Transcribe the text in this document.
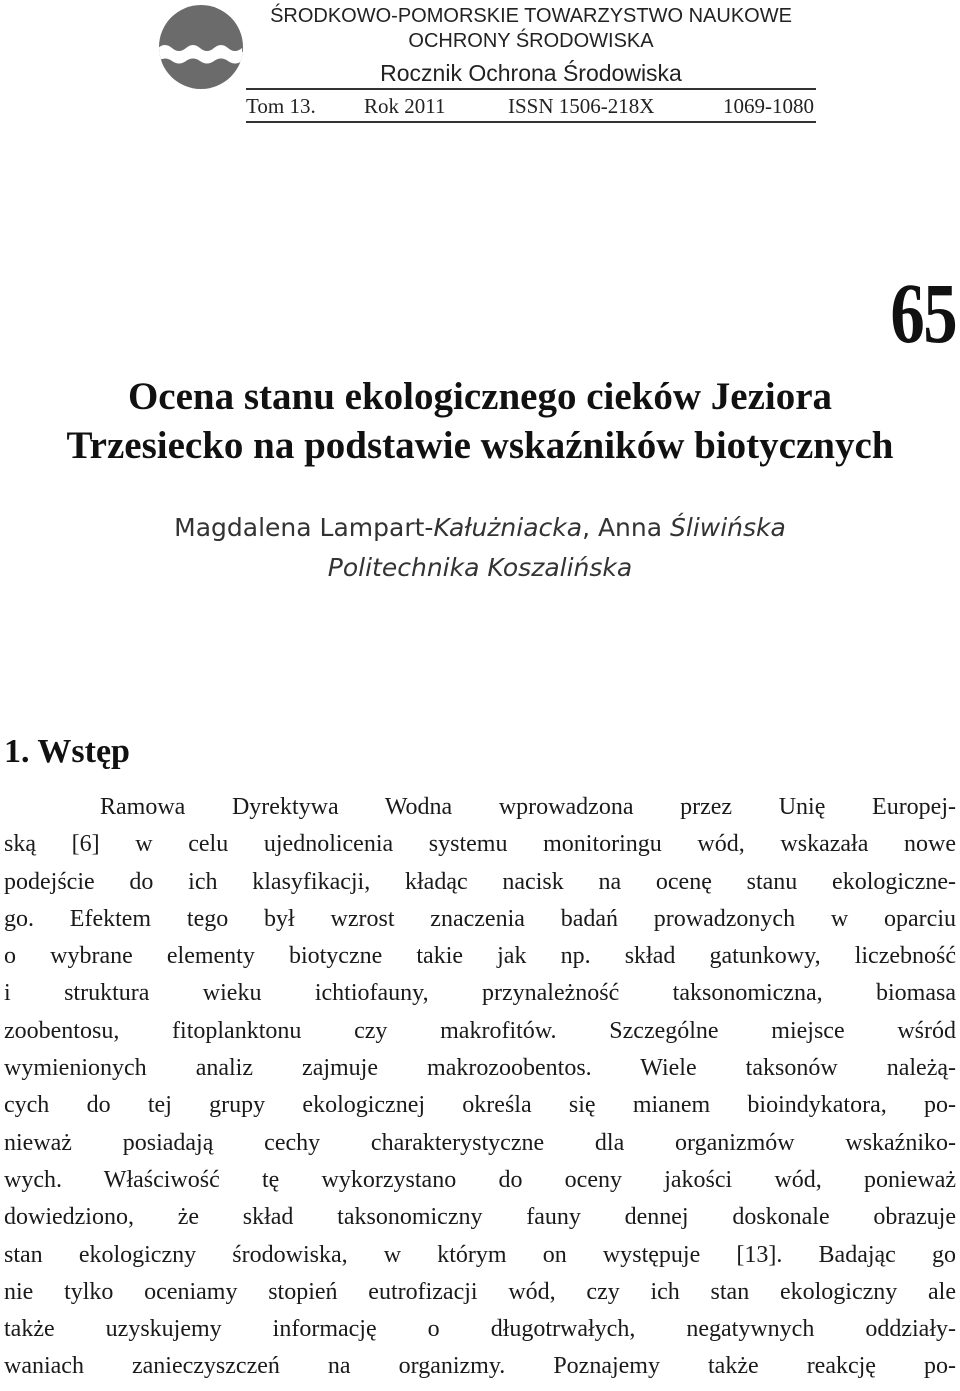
ŚRODKOWO-POMORSKIE TOWARZYSTWO NAUKOWE
OCHRONY ŚRODOWISKA
Rocznik Ochrona Środowiska
Tom 13. Rok 2011	ISSN 1506-218X	1069-1080
65
Ocena stanu ekologicznego cieków Jeziora
Trzesiecko na podstawie wskaźników biotycznych
Magdalena Lampart-Kałużniacka, Anna Śliwińska
Politechnika Koszalińska
1. Wstęp
Ramowa Dyrektywa Wodna wprowadzona przez Unię Europej-
ską [6] w celu ujednolicenia systemu monitoringu wód, wskazała nowe
podejście do ich klasyfikacji, kładąc nacisk na ocenę stanu ekologiczne-
go. Efektem tego był wzrost znaczenia badań prowadzonych w oparciu
o wybrane elementy biotyczne takie jak np. skład gatunkowy, liczebność
i struktura wieku ichtiofauny, przynależność taksonomiczna, biomasa
zoobentosu, fitoplanktonu czy makrofitów. Szczególne miejsce wśród
wymienionych analiz zajmuje makrozoobentos. Wiele taksonów należą-
cych do tej grupy ekologicznej określa się mianem bioindykatora, po-
nieważ posiadają cechy charakterystyczne dla organizmów wskaźniko-
wych. Właściwość tę wykorzystano do oceny jakości wód, ponieważ
dowiedziono, że skład taksonomiczny fauny dennej doskonale obrazuje
stan ekologiczny środowiska, w którym on występuje [13]. Badając go
nie tylko oceniamy stopień eutrofizacji wód, czy ich stan ekologiczny ale
także uzyskujemy informację o długotrwałych, negatywnych oddziały-
waniach zanieczyszczeń na organizmy. Poznajemy także reakcję po-
